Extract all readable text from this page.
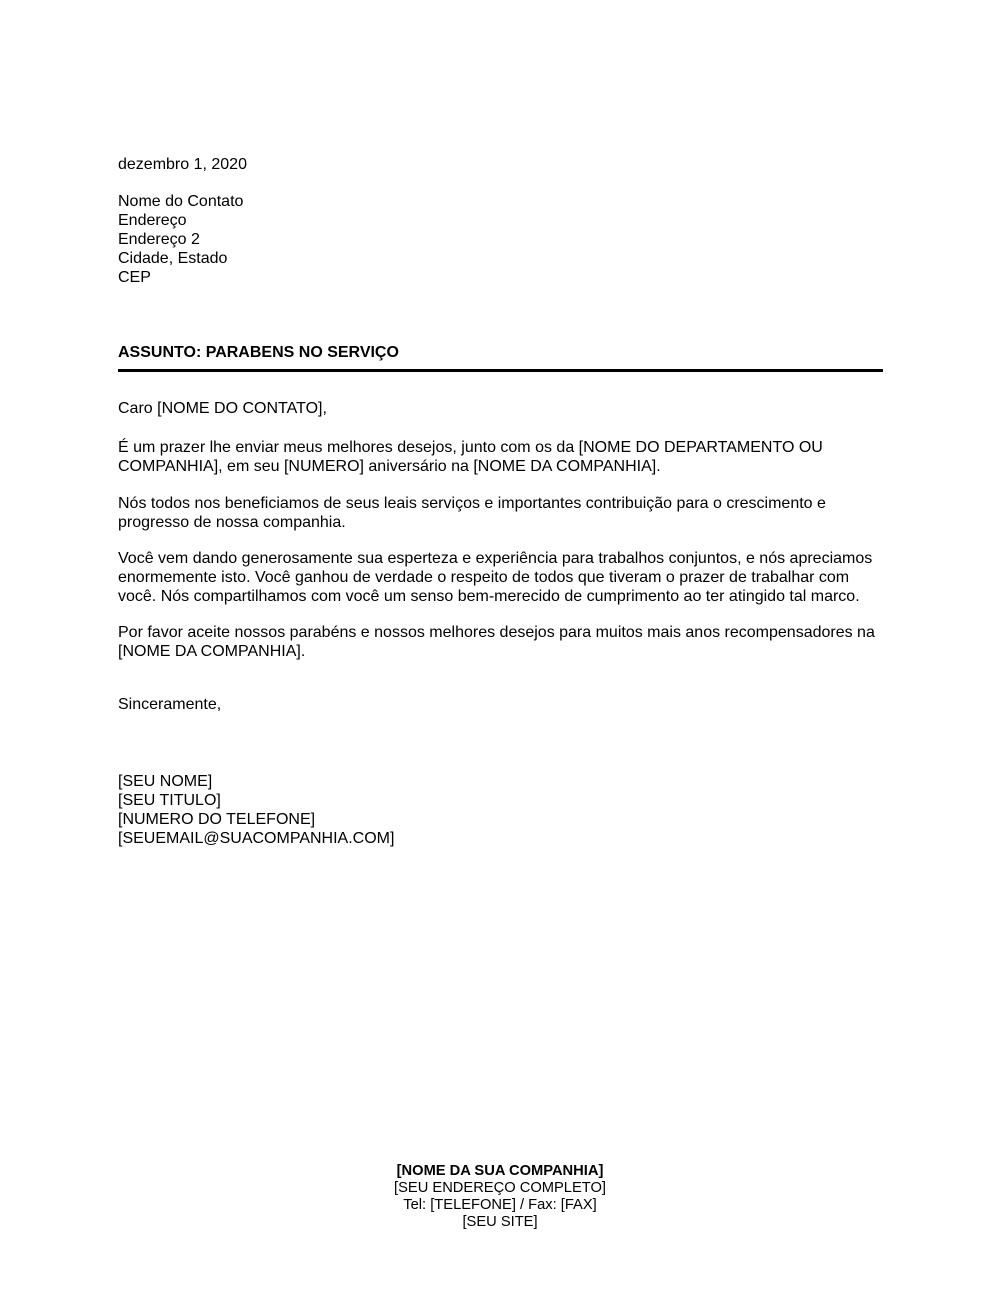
dezembro 1, 2020
Nome do Contato
Endereço
Endereço 2
Cidade, Estado
CEP
ASSUNTO: PARABENS NO SERVIÇO
Caro [NOME DO CONTATO],

É um prazer lhe enviar meus melhores desejos, junto com os da [NOME DO DEPARTAMENTO OU COMPANHIA], em seu [NUMERO] aniversário na [NOME DA COMPANHIA].

Nós todos nos beneficiamos de seus leais serviços e importantes contribuição para o crescimento e progresso de nossa companhia.

Você vem dando generosamente sua esperteza e experiência para trabalhos conjuntos, e nós apreciamos enormemente isto. Você ganhou de verdade o respeito de todos que tiveram o prazer de trabalhar com você. Nós compartilhamos com você um senso bem-merecido de cumprimento ao ter atingido tal marco.

Por favor aceite nossos parabéns e nossos melhores desejos para muitos mais anos recompensadores na [NOME DA COMPANHIA].

Sinceramente,
[SEU NOME]
[SEU TITULO]
[NUMERO DO TELEFONE]
[SEUEMAIL@SUACOMPANHIA.COM]
[NOME DA SUA COMPANHIA]
[SEU ENDEREÇO COMPLETO]
Tel: [TELEFONE] / Fax: [FAX]
[SEU SITE]
